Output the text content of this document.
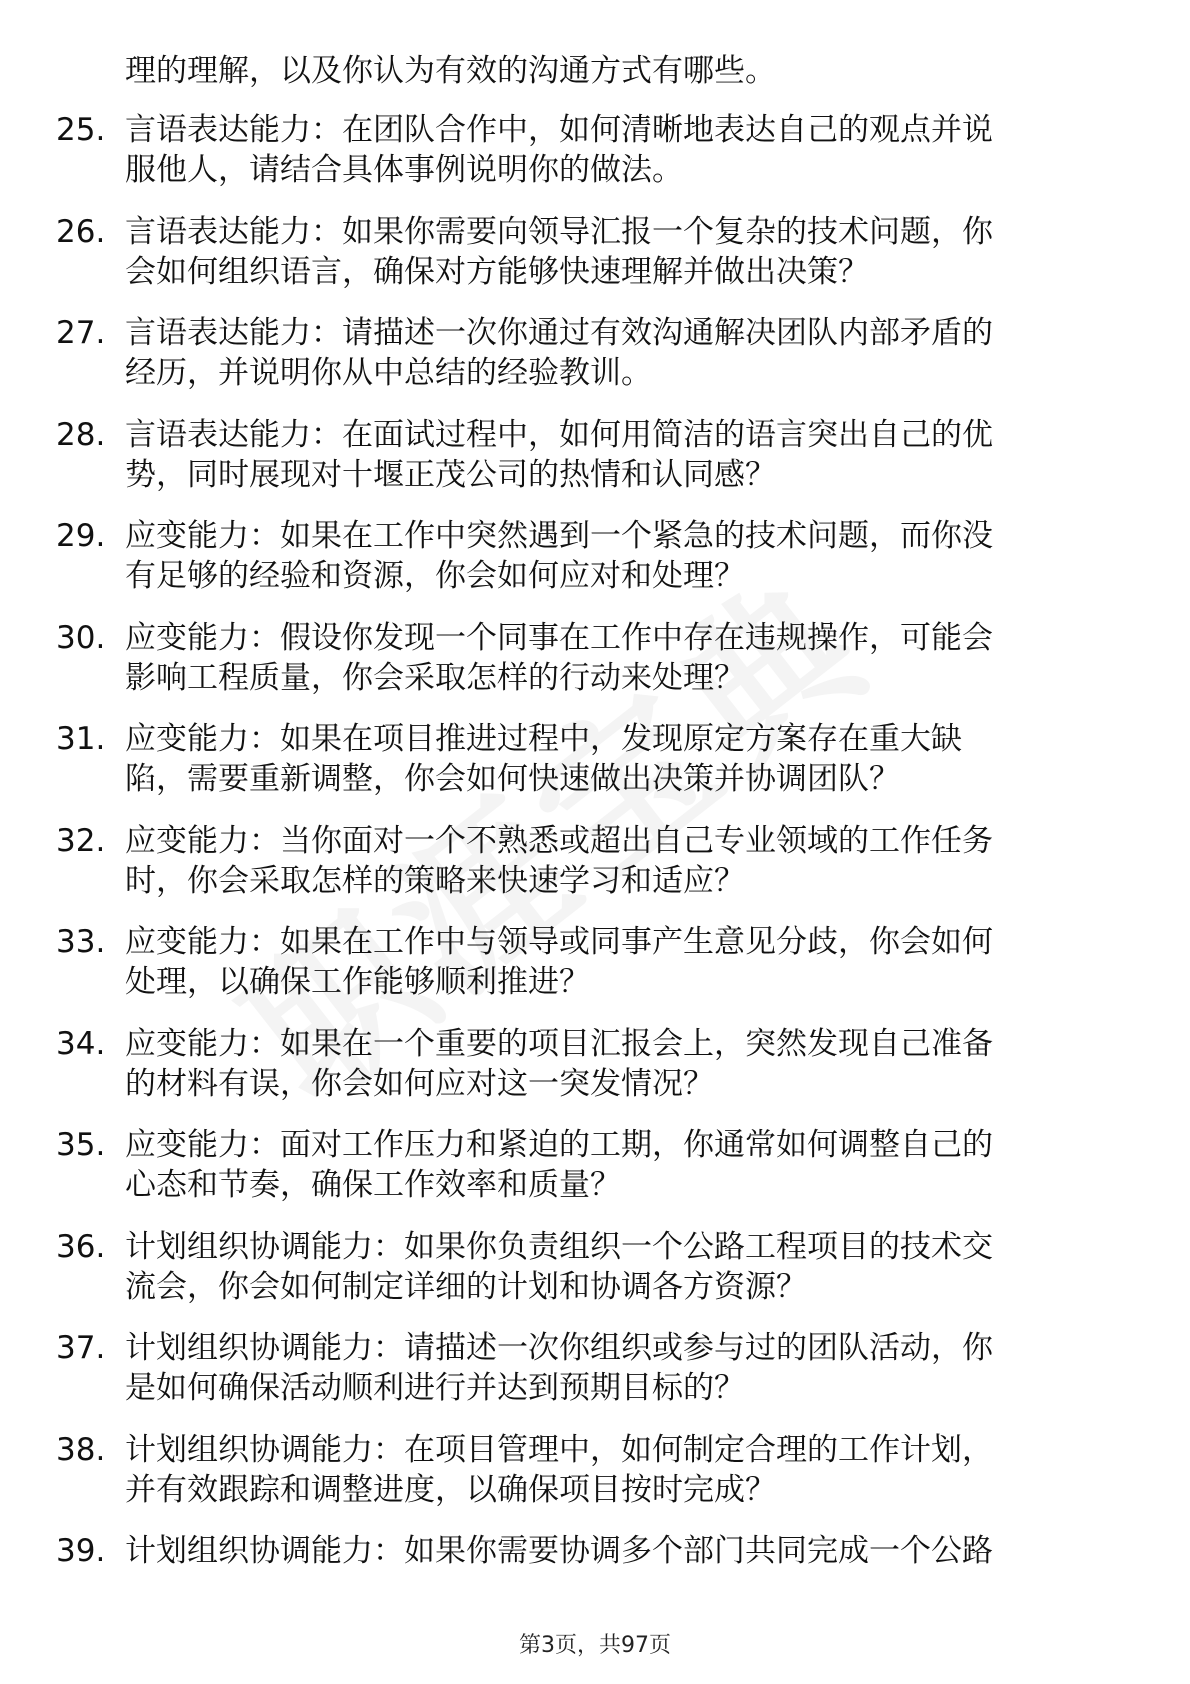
理的理解，以及你认为有效的沟通方式有哪些。
25. 言语表达能力：在团队合作中，如何清晰地表达自己的观点并说
服他人，请结合具体事例说明你的做法。
26. 言语表达能力：如果你需要向领导汇报一个复杂的技术问题，你
会如何组织语言，确保对方能够快速理解并做出决策？
27. 言语表达能力：请描述一次你通过有效沟通解决团队内部矛盾的
经历，并说明你从中总结的经验教训。
28. 言语表达能力：在面试过程中，如何用简洁的语言突出自己的优
势，同时展现对十堰正茂公司的热情和认同感？
29. 应变能力：如果在工作中突然遇到一个紧急的技术问题，而你没
有足够的经验和资源，你会如何应对和处理？
30. 应变能力：假设你发现一个同事在工作中存在违规操作，可能会
影响工程质量，你会采取怎样的行动来处理？
31. 应变能力：如果在项目推进过程中，发现原定方案存在重大缺
陷，需要重新调整，你会如何快速做出决策并协调团队？
32. 应变能力：当你面对一个不熟悉或超出自己专业领域的工作任务
时，你会采取怎样的策略来快速学习和适应？
33. 应变能力：如果在工作中与领导或同事产生意见分歧，你会如何
处理，以确保工作能够顺利推进？
34. 应变能力：如果在一个重要的项目汇报会上，突然发现自己准备
的材料有误，你会如何应对这一突发情况？
35. 应变能力：面对工作压力和紧迫的工期，你通常如何调整自己的
心态和节奏，确保工作效率和质量？
36. 计划组织协调能力：如果你负责组织一个公路工程项目的技术交
流会，你会如何制定详细的计划和协调各方资源？
37. 计划组织协调能力：请描述一次你组织或参与过的团队活动，你
是如何确保活动顺利进行并达到预期目标的？
38. 计划组织协调能力：在项目管理中，如何制定合理的工作计划，
并有效跟踪和调整进度，以确保项目按时完成？
39. 计划组织协调能力：如果你需要协调多个部门共同完成一个公路
第3页，共97页
